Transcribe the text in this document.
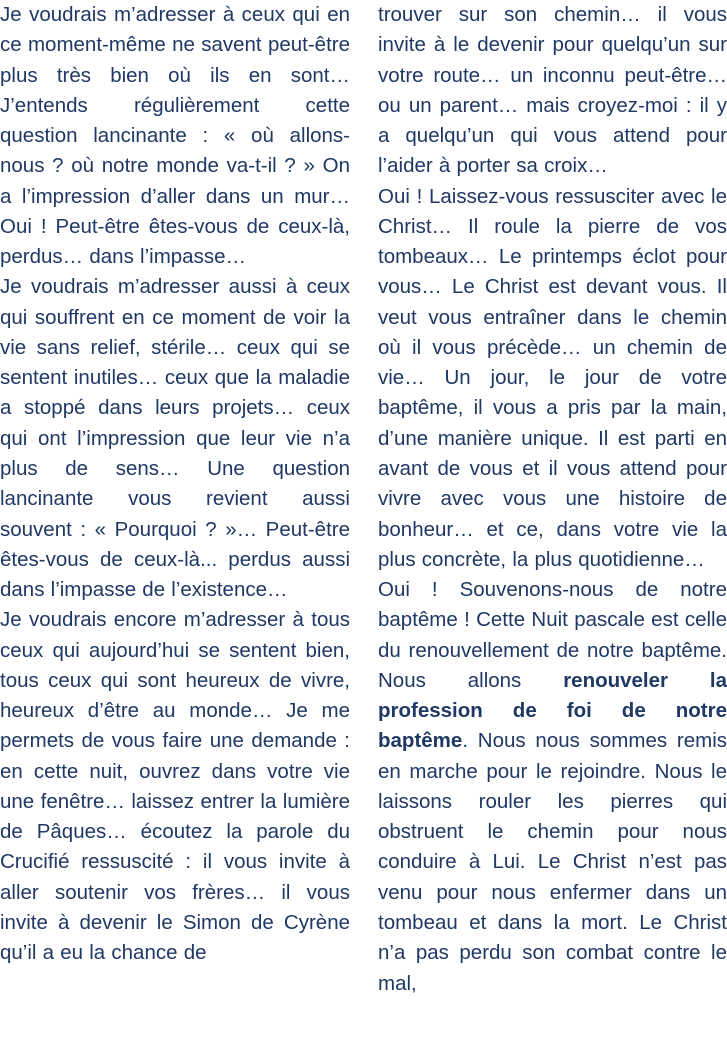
Je voudrais m’adresser à ceux qui en ce moment-même ne savent peut-être plus très bien où ils en sont… J’entends régulièrement cette question lancinante : « où allons-nous ? où notre monde va-t-il ? » On a l’impression d’aller dans un mur… Oui ! Peut-être êtes-vous de ceux-là, perdus… dans l’impasse…

Je voudrais m’adresser aussi à ceux qui souffrent en ce moment de voir la vie sans relief, stérile… ceux qui se sentent inutiles… ceux que la maladie a stoppé dans leurs projets… ceux qui ont l’impression que leur vie n’a plus de sens… Une question lancinante vous revient aussi souvent : « Pourquoi ? »… Peut-être êtes-vous de ceux-là... perdus aussi dans l’impasse de l’existence…

Je voudrais encore m’adresser à tous ceux qui aujourd’hui se sentent bien, tous ceux qui sont heureux de vivre, heureux d’être au monde… Je me permets de vous faire une demande : en cette nuit, ouvrez dans votre vie une fenêtre… laissez entrer la lumière de Pâques… écoutez la parole du Crucifié ressuscité : il vous invite à aller soutenir vos frères… il vous invite à devenir le Simon de Cyrène qu’il a eu la chance de

trouver sur son chemin… il vous invite à le devenir pour quelqu’un sur votre route… un inconnu peut-être… ou un parent… mais croyez-moi : il y a quelqu’un qui vous attend pour l’aider à porter sa croix…

Oui ! Laissez-vous ressusciter avec le Christ… Il roule la pierre de vos tombeaux… Le printemps éclot pour vous… Le Christ est devant vous. Il veut vous entraîner dans le chemin où il vous précède… un chemin de vie… Un jour, le jour de votre baptême, il vous a pris par la main, d’une manière unique. Il est parti en avant de vous et il vous attend pour vivre avec vous une histoire de bonheur… et ce, dans votre vie la plus concrète, la plus quotidienne…

Oui ! Souvenons-nous de notre baptême ! Cette Nuit pascale est celle du renouvellement de notre baptême. Nous allons renouveler la profession de foi de notre baptême. Nous nous sommes remis en marche pour le rejoindre. Nous le laissons rouler les pierres qui obstruent le chemin pour nous conduire à Lui. Le Christ n’est pas venu pour nous enfermer dans un tombeau et dans la mort. Le Christ n’a pas perdu son combat contre le mal,
